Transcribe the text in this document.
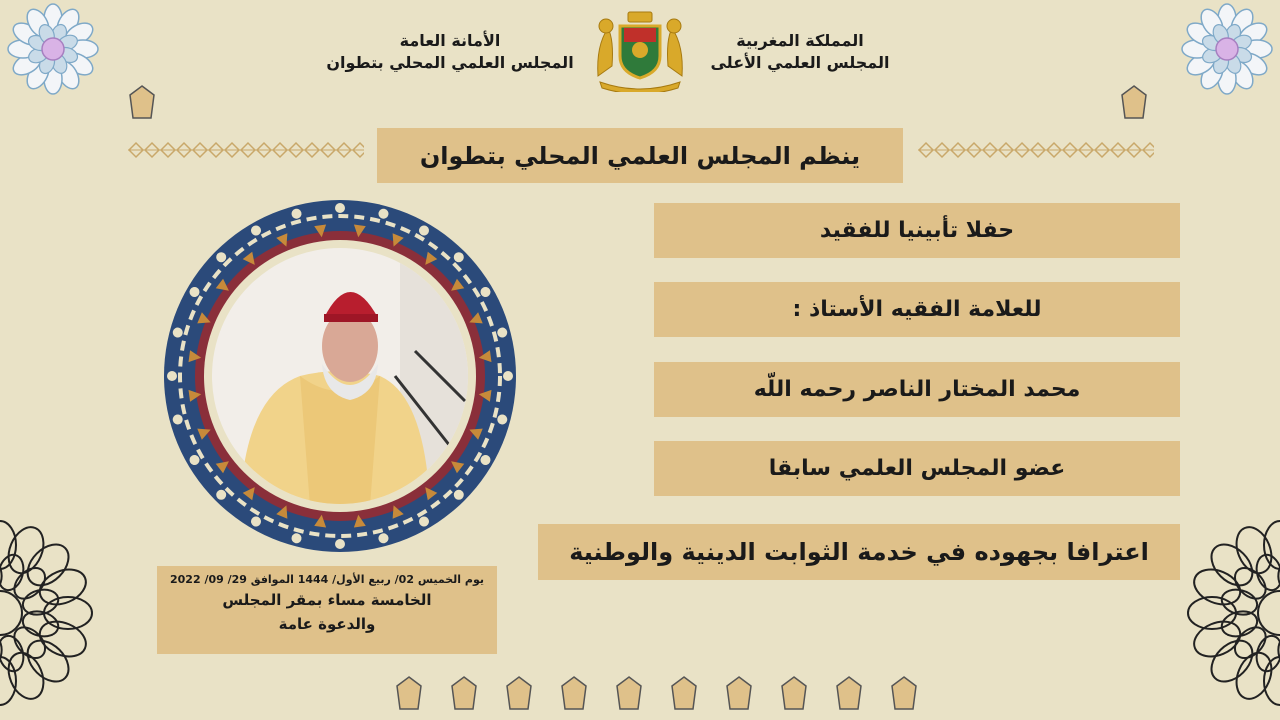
المملكة المغربية
المجلس العلمي الأعلى
الأمانة العامة
المجلس العلمي المحلي بتطوان
ينظم المجلس العلمي المحلي بتطوان
حفلا تأبينيا للفقيد
للعلامة الفقيه الأستاذ :
محمد المختار الناصر رحمه اللّه
عضو المجلس العلمي سابقا
اعترافا بجهوده في خدمة الثوابت الدينية والوطنية
يوم الخميس 02/ ربيع الأول/ 1444 الموافق 29/ 09/ 2022
الخامسة مساء بمقر المجلس
والدعوة عامة
